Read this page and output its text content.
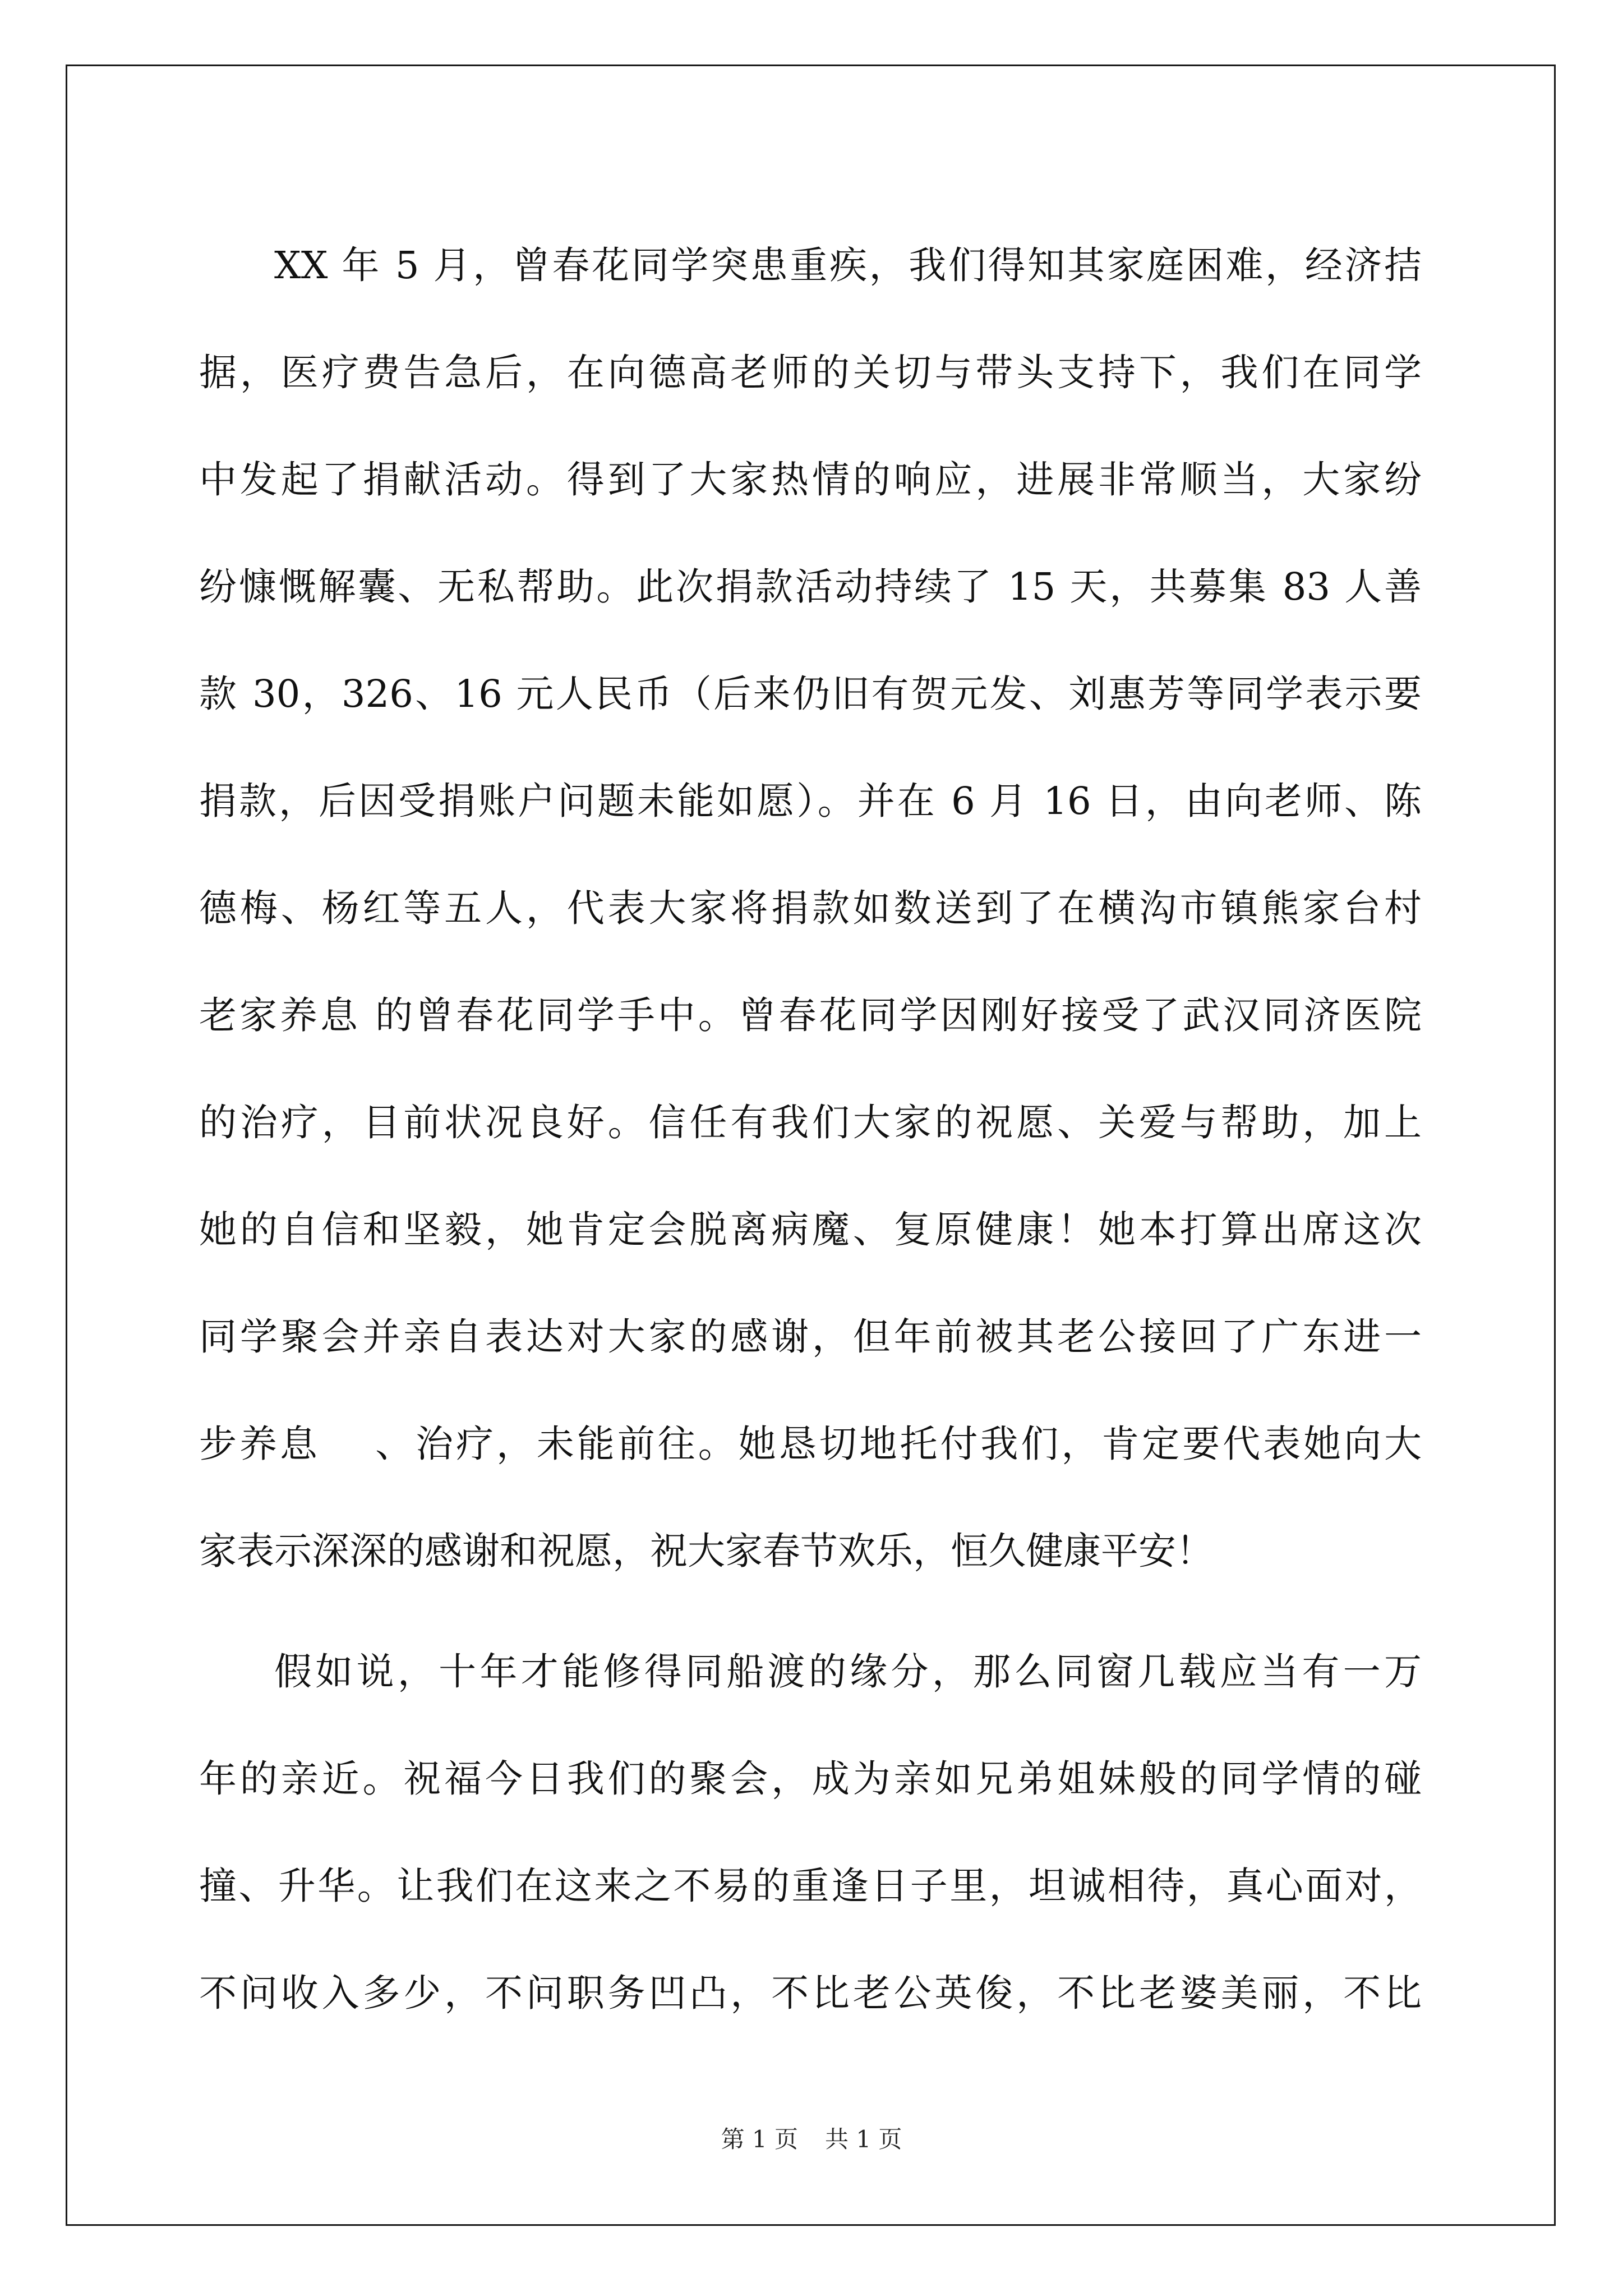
XX 年 5 月，曾春花同学突患重疾，我们得知其家庭困难，经济拮
据，医疗费告急后，在向德高老师的关切与带头支持下，我们在同学
中发起了捐献活动。得到了大家热情的响应，进展非常顺当，大家纷
纷慷慨解囊、无私帮助。此次捐款活动持续了 15 天，共募集 83 人善
款 30，326、16 元人民币（后来仍旧有贺元发、刘惠芳等同学表示要
捐款，后因受捐账户问题未能如愿）。并在 6 月 16 日，由向老师、陈
德梅、杨红等五人，代表大家将捐款如数送到了在横沟市镇熊家台村
老家养息 的曾春花同学手中。曾春花同学因刚好接受了武汉同济医院
的治疗，目前状况良好。信任有我们大家的祝愿、关爱与帮助，加上
她的自信和坚毅，她肯定会脱离病魔、复原健康！她本打算出席这次
同学聚会并亲自表达对大家的感谢，但年前被其老公接回了广东进一
步养息　 、治疗，未能前往。她恳切地托付我们，肯定要代表她向大
家表示深深的感谢和祝愿，祝大家春节欢乐，恒久健康平安！
假如说，十年才能修得同船渡的缘分，那么同窗几载应当有一万
年的亲近。祝福今日我们的聚会，成为亲如兄弟姐妹般的同学情的碰
撞、升华。让我们在这来之不易的重逢日子里，坦诚相待，真心面对，
不问收入多少，不问职务凹凸，不比老公英俊，不比老婆美丽，不比
第 1 页 共 1 页
